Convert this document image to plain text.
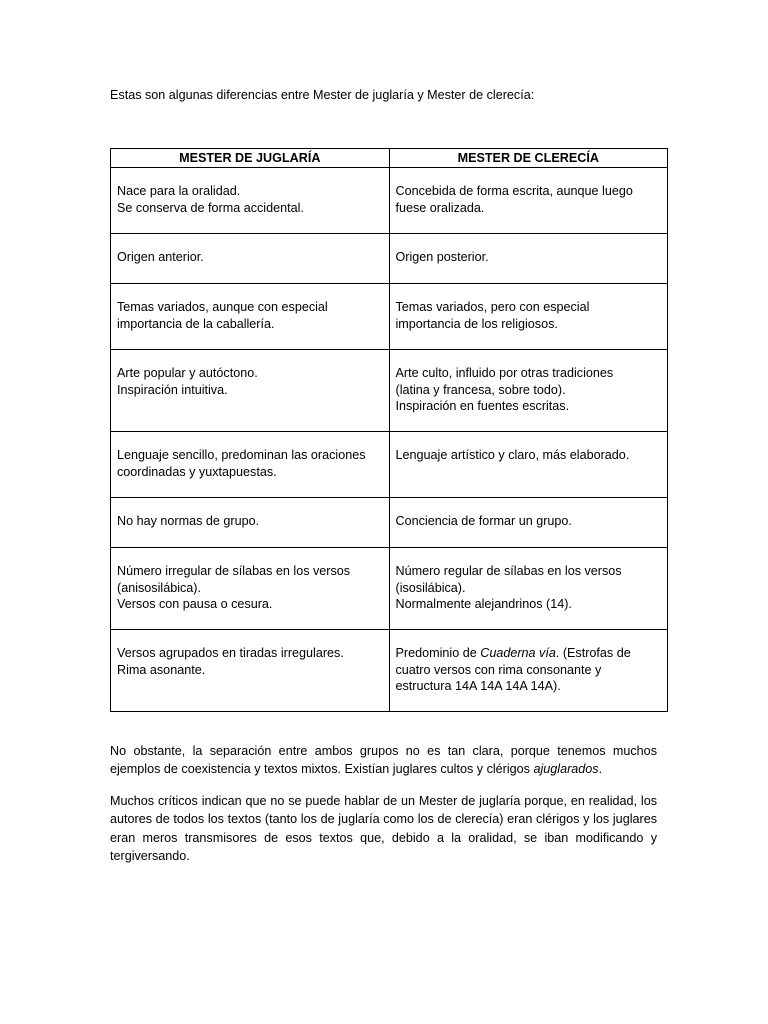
Estas son algunas diferencias entre Mester de juglaría y Mester de clerecía:

MESTER DE JUGLARÍA	MESTER DE CLERECÍA

Nace para la oralidad.
Se conserva de forma accidental.	Concebida de forma escrita, aunque luego
fuese oralizada.

Origen anterior.	Origen posterior.

Temas variados, aunque con especial
importancia de la caballería.	Temas variados, pero con especial
importancia de los religiosos.

Arte popular y autóctono.
Inspiración intuitiva.	Arte culto, influido por otras tradiciones
(latina y francesa, sobre todo).
Inspiración en fuentes escritas.

Lenguaje sencillo, predominan las oraciones
coordinadas y yuxtapuestas.	Lenguaje artístico y claro, más elaborado.

No hay normas de grupo.	Conciencia de formar un grupo.

Número irregular de sílabas en los versos
(anisosilábica).
Versos con pausa o cesura.	Número regular de sílabas en los versos
(isosilábica).
Normalmente alejandrinos (14).

Versos agrupados en tiradas irregulares.
Rima asonante.	Predominio de Cuaderna vía. (Estrofas de
cuatro versos con rima consonante y
estructura 14A 14A 14A 14A).

No obstante, la separación entre ambos grupos no es tan clara, porque tenemos muchos ejemplos de coexistencia y textos mixtos. Existían juglares cultos y clérigos ajuglarados.

Muchos críticos indican que no se puede hablar de un Mester de juglaría porque, en realidad, los autores de todos los textos (tanto los de juglaría como los de clerecía) eran clérigos y los juglares eran meros transmisores de esos textos que, debido a la oralidad, se iban modificando y tergiversando.
